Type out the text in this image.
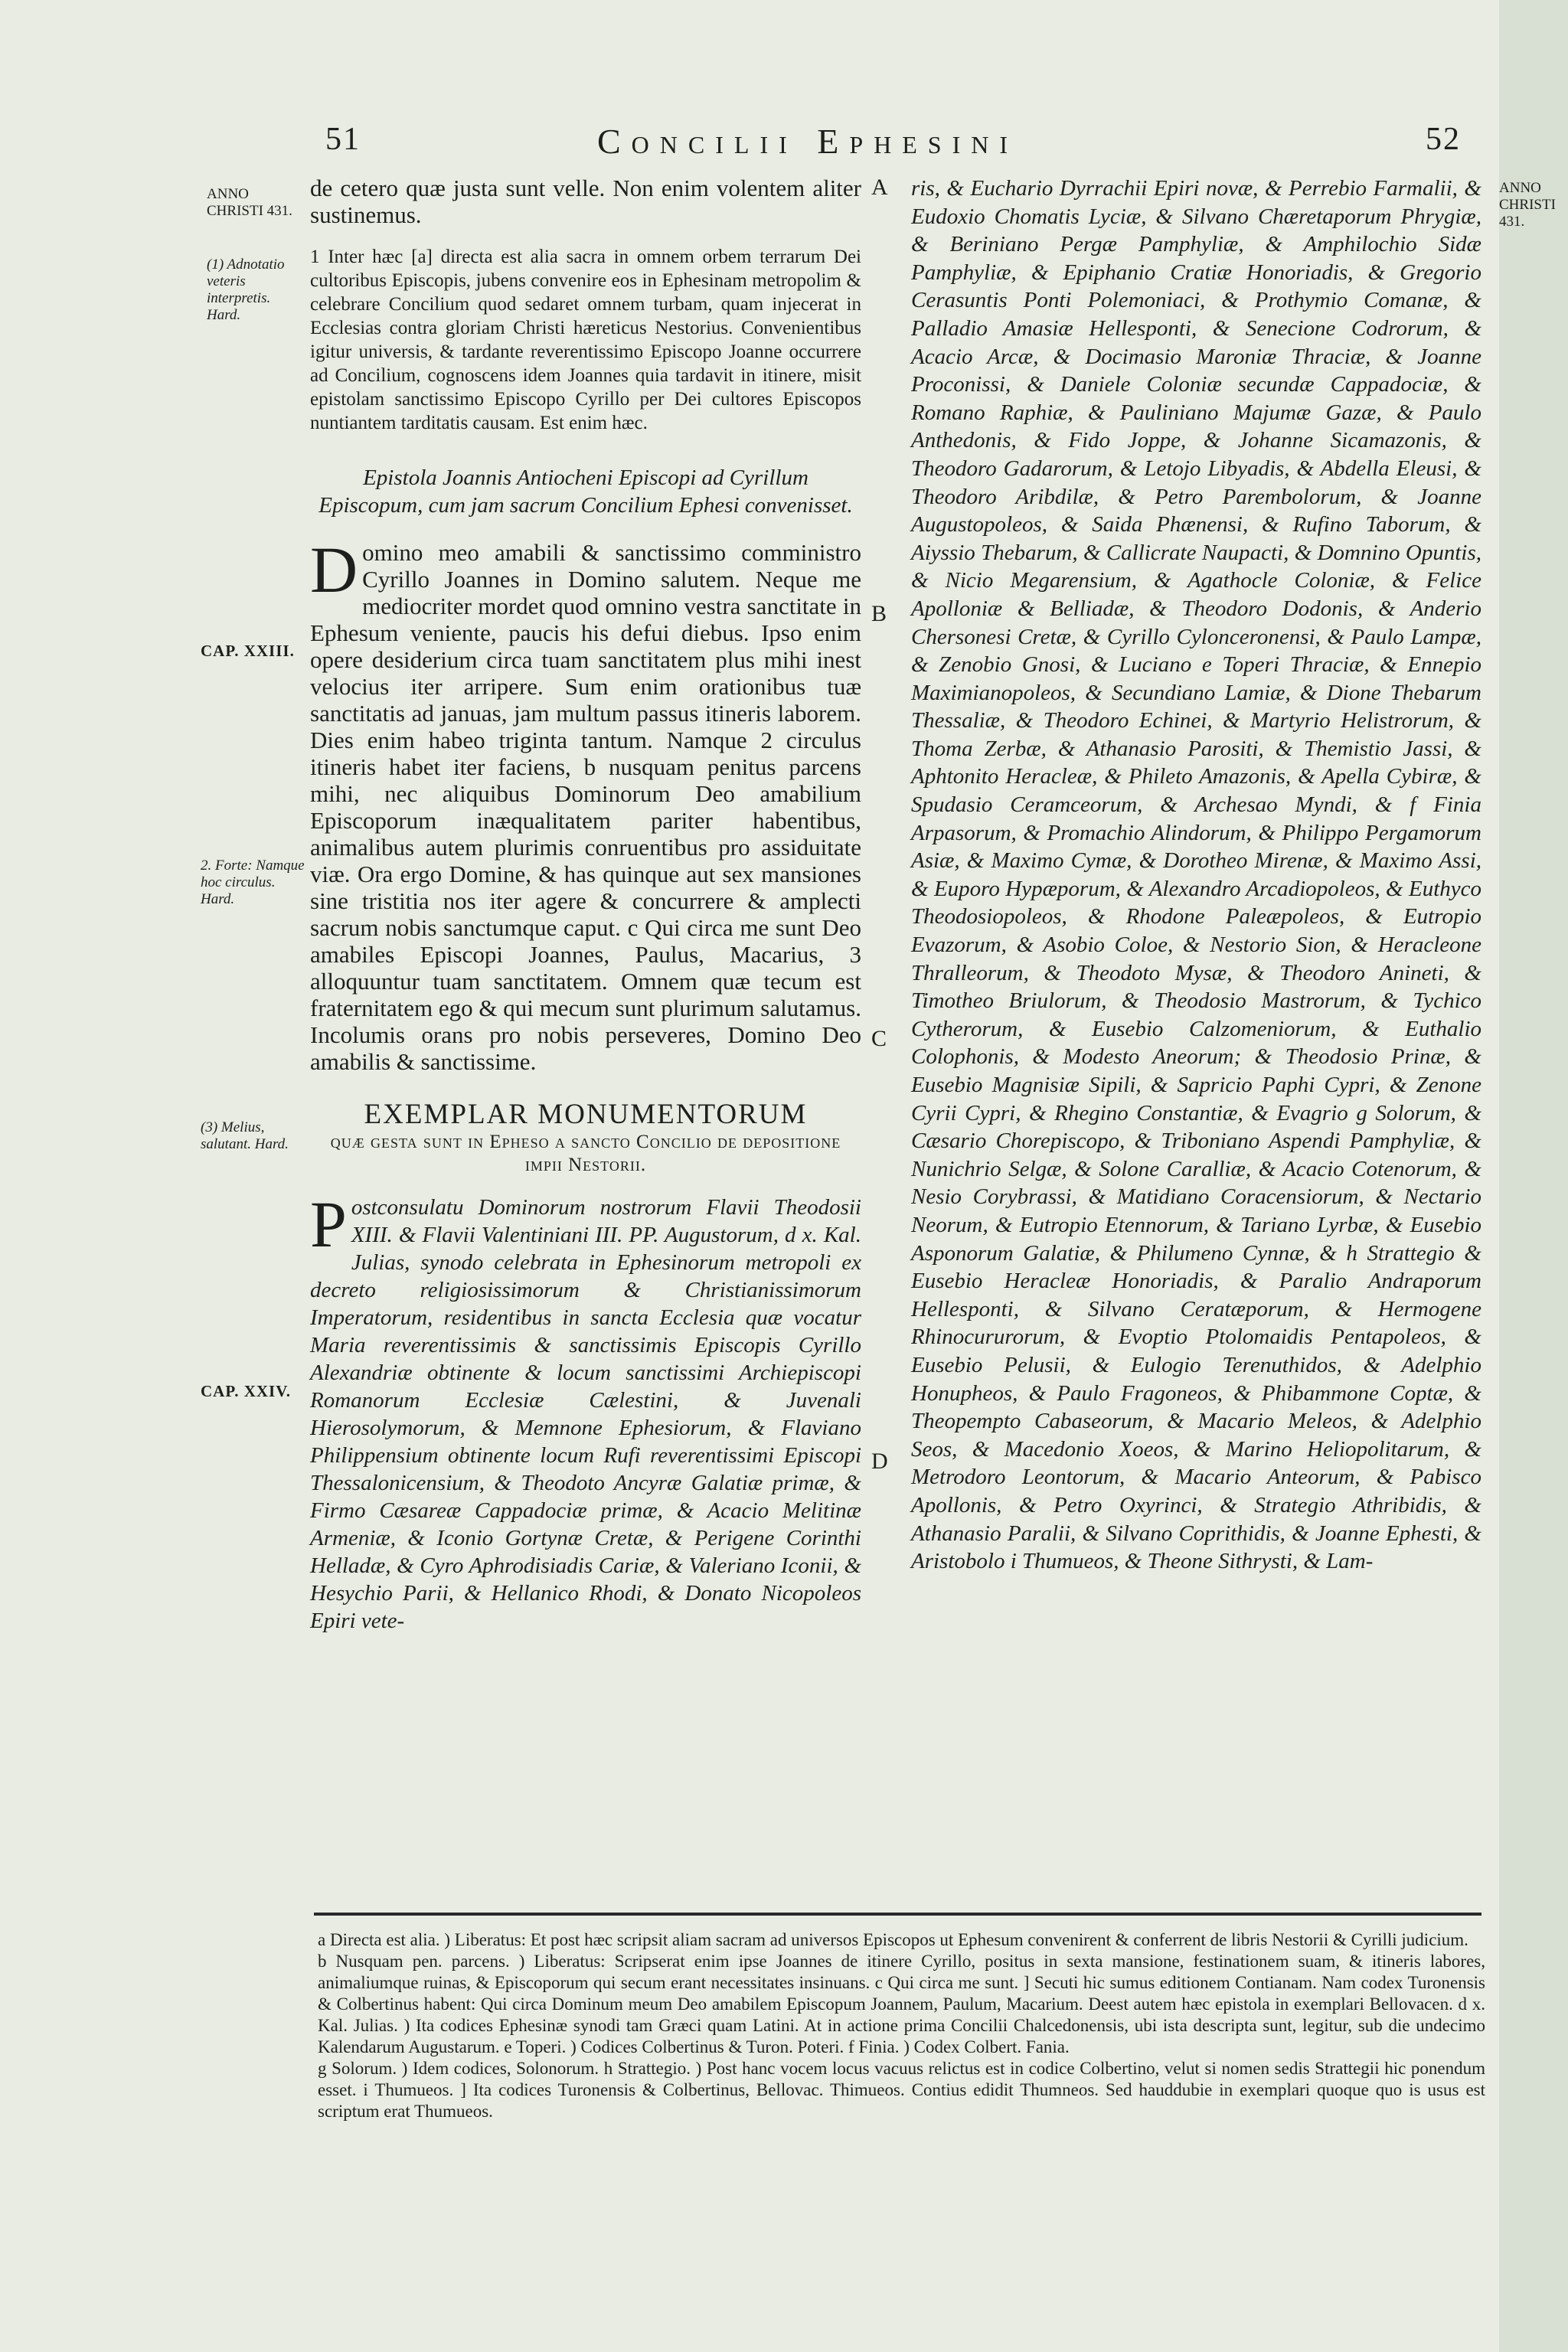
51	Concilii Ephesini	52
ANNO CHRISTI 431.
(1) Adnotatio veteris interpretis. Hard.
CAP. XXIII.
2. Forte: Namque hoc circulus. Hard.
(3) Melius, salutant. Hard.
CAP. XXIV.
ANNO CHRISTI 431.
A
B
C
D

de cetero quæ justa sunt velle. Non enim volentem aliter sustinemus.

1 Inter hæc [a] directa est alia sacra in omnem orbem terrarum Dei cultoribus Episcopis, jubens convenire eos in Ephesinam metropolim & celebrare Concilium quod sedaret omnem turbam, quam injecerat in Ecclesias contra gloriam Christi hæreticus Nestorius. Convenientibus igitur universis, & tardante reverentissimo Episcopo Joanne occurrere ad Concilium, cognoscens idem Joannes quia tardavit in itinere, misit epistolam sanctissimo Episcopo Cyrillo per Dei cultores Episcopos nuntiantem tarditatis causam. Est enim hæc.

Epistola Joannis Antiocheni Episcopi ad Cyrillum Episcopum, cum jam sacrum Concilium Ephesi convenisset.

Domino meo amabili & sanctissimo comministro Cyrillo Joannes in Domino salutem. Neque me mediocriter mordet quod omnino vestra sanctitate in Ephesum veniente, paucis his defui diebus. Ipso enim opere desiderium circa tuam sanctitatem plus mihi inest velocius iter arripere. Sum enim orationibus tuæ sanctitatis ad januas, jam multum passus itineris laborem. Dies enim habeo triginta tantum. Namque 2 circulus itineris habet iter faciens, b nusquam penitus parcens mihi, nec aliquibus Dominorum Deo amabilium Episcoporum inæqualitatem pariter habentibus, animalibus autem plurimis conruentibus pro assiduitate viæ. Ora ergo Domine, & has quinque aut sex mansiones sine tristitia nos iter agere & concurrere & amplecti sacrum nobis sanctumque caput. c Qui circa me sunt Deo amabiles Episcopi Joannes, Paulus, Macarius, 3 alloquuntur tuam sanctitatem. Omnem quæ tecum est fraternitatem ego & qui mecum sunt plurimum salutamus. Incolumis orans pro nobis perseveres, Domino Deo amabilis & sanctissime.

EXEMPLAR MONUMENTORUM

quæ gesta sunt in Epheso a sancto Concilio de depositione impii Nestorii.

Postconsulatu Dominorum nostrorum Flavii Theodosii XIII. & Flavii Valentiniani III. PP. Augustorum, d x. Kal. Julias, synodo celebrata in Ephesinorum metropoli ex decreto religiosissimorum & Christianissimorum Imperatorum, residentibus in sancta Ecclesia quæ vocatur Maria reverentissimis & sanctissimis Episcopis Cyrillo Alexandriæ obtinente & locum sanctissimi Archiepiscopi Romanorum Ecclesiæ Cælestini, & Juvenali Hierosolymorum, & Memnone Ephesiorum, & Flaviano Philippensium obtinente locum Rufi reverentissimi Episcopi Thessalonicensium, & Theodoto Ancyræ Galatiæ primæ, & Firmo Cæsareæ Cappadociæ primæ, & Acacio Melitinæ Armeniæ, & Iconio Gortynæ Cretæ, & Perigene Corinthi Helladæ, & Cyro Aphrodisiadis Cariæ, & Valeriano Iconii, & Hesychio Parii, & Hellanico Rhodi, & Donato Nicopoleos Epiri vete-

ris, & Euchario Dyrrachii Epiri novæ, & Perrebio Farmalii, & Eudoxio Chomatis Lyciæ, & Silvano Chæretaporum Phrygiæ, & Beriniano Pergæ Pamphyliæ, & Amphilochio Sidæ Pamphyliæ, & Epiphanio Cratiæ Honoriadis, & Gregorio Cerasuntis Ponti Polemoniaci, & Prothymio Comanæ, & Palladio Amasiæ Hellesponti, & Senecione Codrorum, & Acacio Arcæ, & Docimasio Maroniæ Thraciæ, & Joanne Proconissi, & Daniele Coloniæ secundæ Cappadociæ, & Romano Raphiæ, & Pauliniano Majumæ Gazæ, & Paulo Anthedonis, & Fido Joppe, & Johanne Sicamazonis, & Theodoro Gadarorum, & Letojo Libyadis, & Abdella Eleusi, & Theodoro Aribdilæ, & Petro Parembolorum, & Joanne Augustopoleos, & Saida Phænensi, & Rufino Taborum, & Aiyssio Thebarum, & Callicrate Naupacti, & Domnino Opuntis, & Nicio Megarensium, & Agathocle Coloniæ, & Felice Apolloniæ & Belliadæ, & Theodoro Dodonis, & Anderio Chersonesi Cretæ, & Cyrillo Cylonceronensi, & Paulo Lampæ, & Zenobio Gnosi, & Luciano e Toperi Thraciæ, & Ennepio Maximianopoleos, & Secundiano Lamiæ, & Dione Thebarum Thessaliæ, & Theodoro Echinei, & Martyrio Helistrorum, & Thoma Zerbæ, & Athanasio Parositi, & Themistio Jassi, & Aphtonito Heracleæ, & Phileto Amazonis, & Apella Cybiræ, & Spudasio Ceramceorum, & Archesao Myndi, & f Finia Arpasorum, & Promachio Alindorum, & Philippo Pergamorum Asiæ, & Maximo Cymæ, & Dorotheo Mirenæ, & Maximo Assi, & Euporo Hypæporum, & Alexandro Arcadiopoleos, & Euthyco Theodosiopoleos, & Rhodone Paleæpoleos, & Eutropio Evazorum, & Asobio Coloe, & Nestorio Sion, & Heracleone Thralleorum, & Theodoto Mysæ, & Theodoro Anineti, & Timotheo Briulorum, & Theodosio Mastrorum, & Tychico Cytherorum, & Eusebio Calzomeniorum, & Euthalio Colophonis, & Modesto Aneorum; & Theodosio Prinæ, & Eusebio Magnisiæ Sipili, & Sapricio Paphi Cypri, & Zenone Cyrii Cypri, & Rhegino Constantiæ, & Evagrio g Solorum, & Cæsario Chorepiscopo, & Triboniano Aspendi Pamphyliæ, & Nunichrio Selgæ, & Solone Caralliæ, & Acacio Cotenorum, & Nesio Corybrassi, & Matidiano Coracensiorum, & Nectario Neorum, & Eutropio Etennorum, & Tariano Lyrbæ, & Eusebio Asponorum Galatiæ, & Philumeno Cynnæ, & h Strattegio & Eusebio Heracleæ Honoriadis, & Paralio Andraporum Hellesponti, & Silvano Ceratæporum, & Hermogene Rhinocururorum, & Evoptio Ptolomaidis Pentapoleos, & Eusebio Pelusii, & Eulogio Terenuthidos, & Adelphio Honupheos, & Paulo Fragoneos, & Phibammone Coptæ, & Theopempto Cabaseorum, & Macario Meleos, & Adelphio Seos, & Macedonio Xoeos, & Marino Heliopolitarum, & Metrodoro Leontorum, & Macario Anteorum, & Pabisco Apollonis, & Petro Oxyrinci, & Strategio Athribidis, & Athanasio Paralii, & Silvano Coprithidis, & Joanne Ephesti, & Aristobolo i Thumueos, & Theone Sithrysti, & Lam-

a Directa est alia. ) Liberatus: Et post hæc scripsit aliam sacram ad universos Episcopos ut Ephesum convenirent & conferrent de libris Nestorii & Cyrilli judicium.

b Nusquam pen. parcens. ) Liberatus: Scripserat enim ipse Joannes de itinere Cyrillo, positus in sexta mansione, festinationem suam, & itineris labores, animaliumque ruinas, & Episcoporum qui secum erant necessitates insinuans. c Qui circa me sunt. ] Secuti hic sumus editionem Contianam. Nam codex Turonensis & Colbertinus habent: Qui circa Dominum meum Deo amabilem Episcopum Joannem, Paulum, Macarium. Deest autem hæc epistola in exemplari Bellovacen. d x. Kal. Julias. ) Ita codices Ephesinæ synodi tam Græci quam Latini. At in actione prima Concilii Chalcedonensis, ubi ista descripta sunt, legitur, sub die undecimo Kalendarum Augustarum. e Toperi. ) Codices Colbertinus & Turon. Poteri. f Finia. ) Codex Colbert. Fania.

g Solorum. ) Idem codices, Solonorum. h Strattegio. ) Post hanc vocem locus vacuus relictus est in codice Colbertino, velut si nomen sedis Strattegii hic ponendum esset. i Thumueos. ] Ita codices Turonensis & Colbertinus, Bellovac. Thimueos. Contius edidit Thumneos. Sed hauddubie in exemplari quoque quo is usus est scriptum erat Thumueos.
